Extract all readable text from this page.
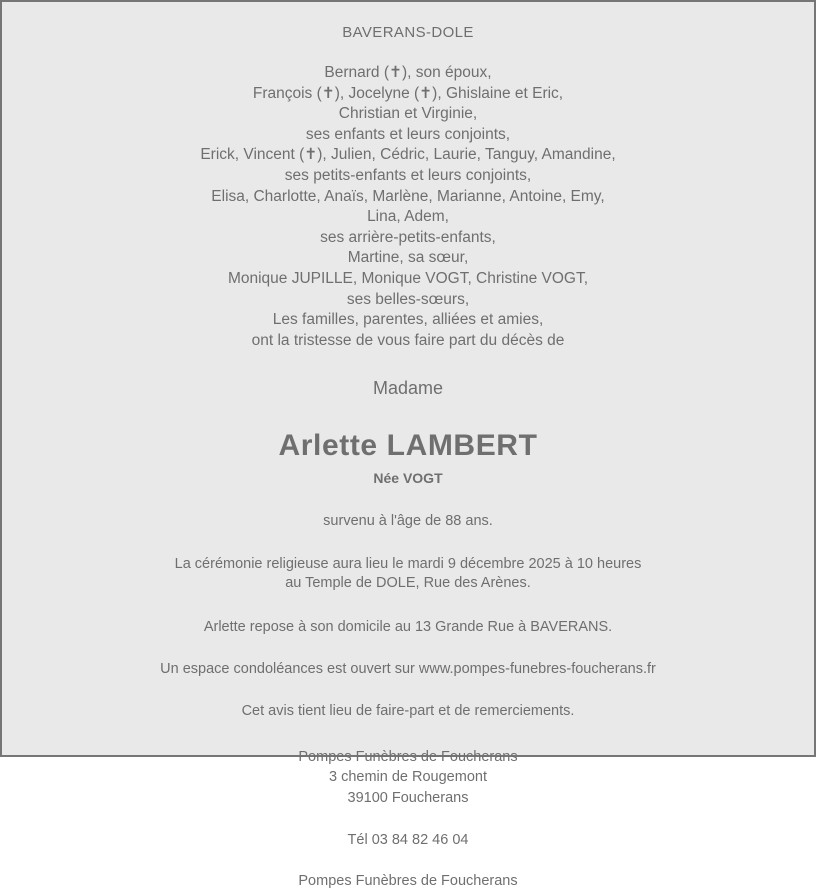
BAVERANS-DOLE
Bernard (✝), son époux,
François (✝), Jocelyne (✝), Ghislaine et Eric,
Christian et Virginie,
ses enfants et leurs conjoints,
Erick, Vincent (✝), Julien, Cédric, Laurie, Tanguy, Amandine,
ses petits-enfants et leurs conjoints,
Elisa, Charlotte, Anaïs, Marlène, Marianne, Antoine, Emy,
Lina, Adem,
ses arrière-petits-enfants,
Martine, sa sœur,
Monique JUPILLE, Monique VOGT, Christine VOGT,
ses belles-sœurs,
Les familles, parentes, alliées et amies,
ont la tristesse de vous faire part du décès de
Madame
Arlette LAMBERT
Née VOGT
survenu à l'âge de 88 ans.
La cérémonie religieuse aura lieu le mardi 9 décembre 2025 à 10 heures
au Temple de DOLE, Rue des Arènes.
Arlette repose à son domicile au 13 Grande Rue à BAVERANS.
Un espace condoléances est ouvert sur www.pompes-funebres-foucherans.fr
Cet avis tient lieu de faire-part et de remerciements.
Pompes Funèbres de Foucherans
3 chemin de Rougemont
39100 Foucherans
Tél 03 84 82 46 04
Pompes Funèbres de Foucherans
